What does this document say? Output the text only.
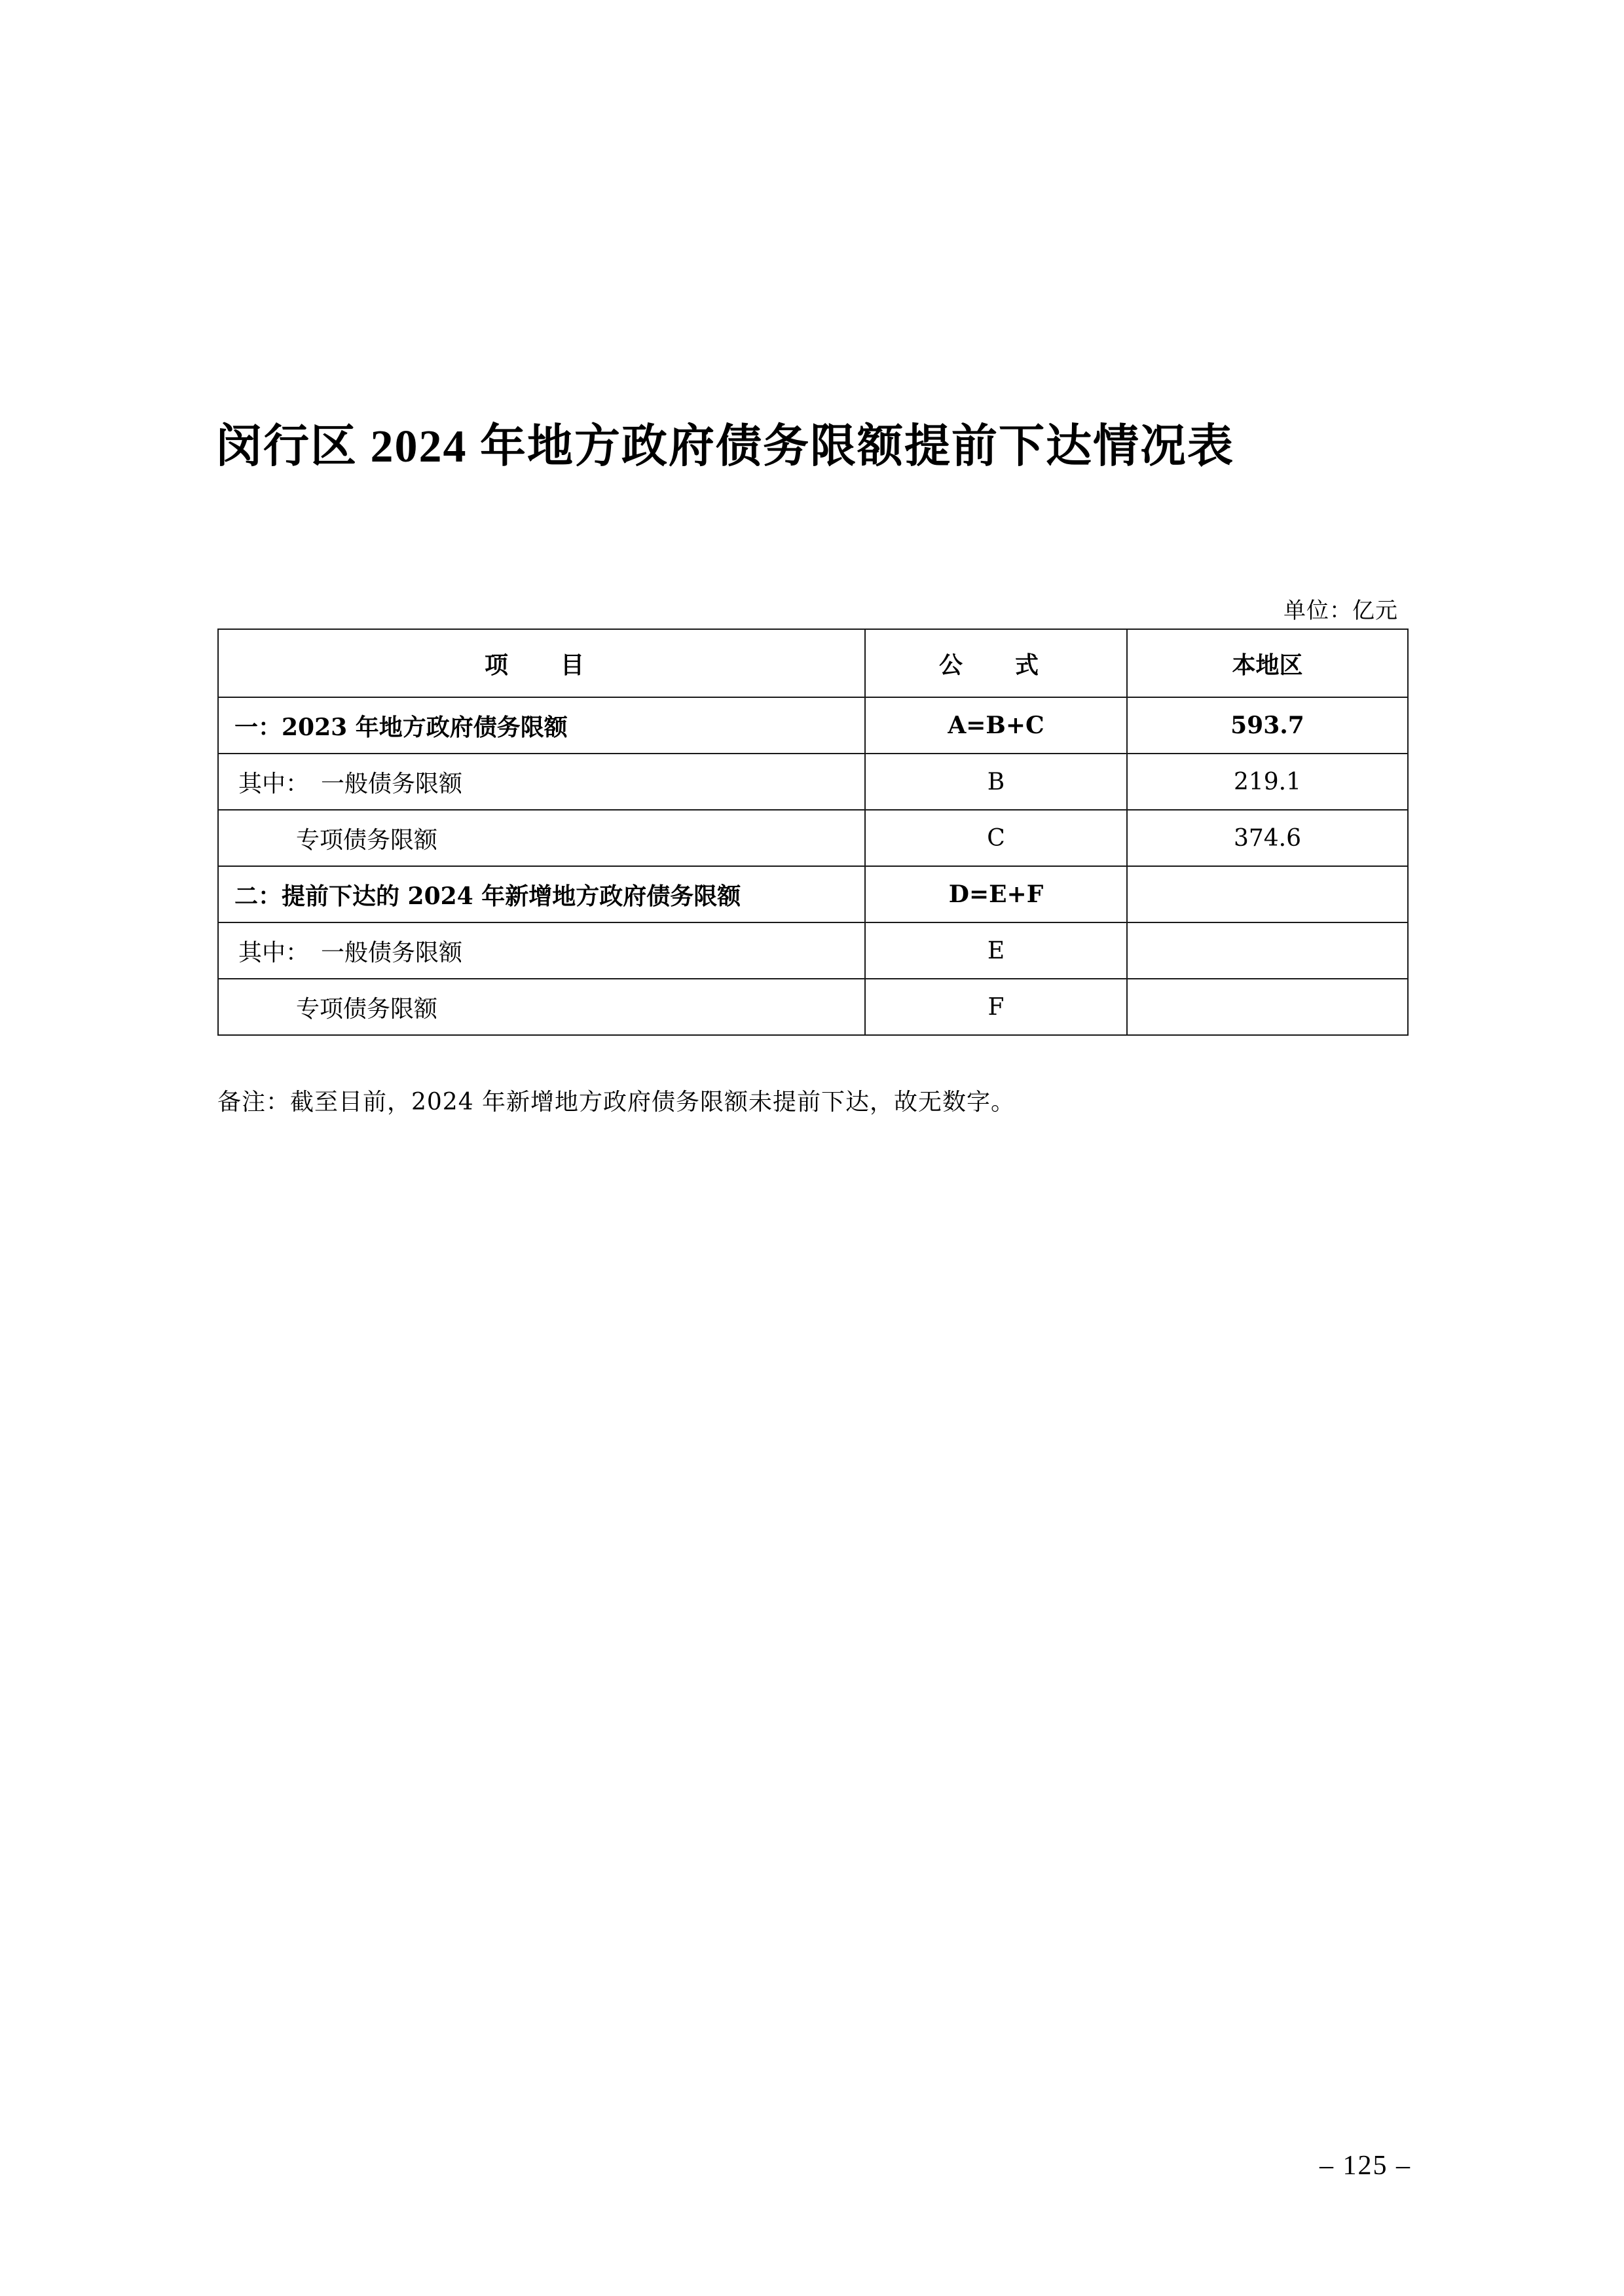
闵行区 2024 年地方政府债务限额提前下达情况表
单位：亿元
项　目	公　式	本地区
一：2023 年地方政府债务限额	A=B+C	593.7
其中：　一般债务限额	B	219.1
专项债务限额	C	374.6
二：提前下达的 2024 年新增地方政府债务限额	D=E+F	
其中：　一般债务限额	E	
专项债务限额	F	
备注：截至目前，2024 年新增地方政府债务限额未提前下达，故无数字。
– 125 –
